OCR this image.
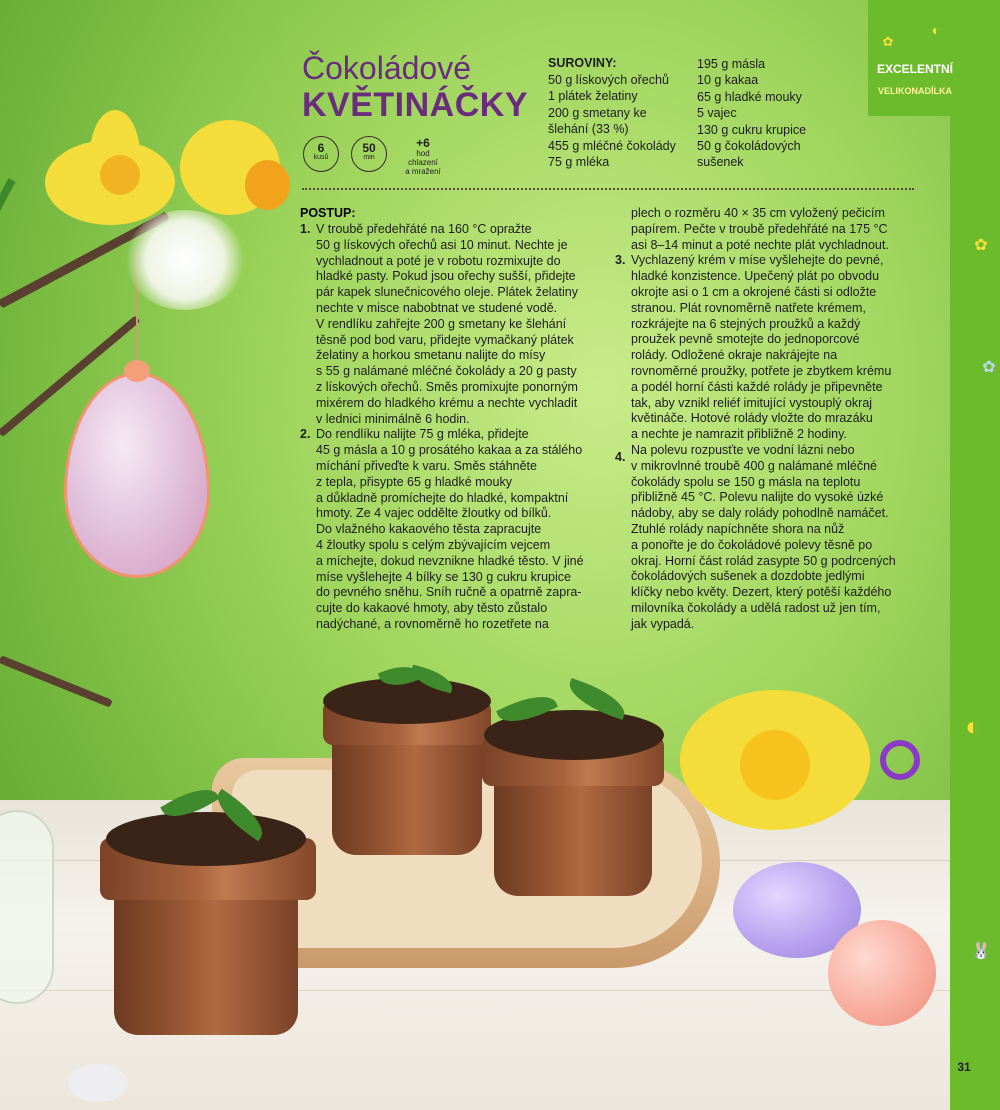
EXCELENTNÍ
VELIKONADÍLKA
✿
◐
✿
✿
◐
🐰
31
Čokoládové
KVĚTINÁČKY
6
kusů
50
min
+6
hod
chlazení
a mražení
SUROVINY:
50 g lískových ořechů
1 plátek želatiny
200 g smetany ke
šlehání (33 %)
455 g mléčné čokolády
75 g mléka
195 g másla
10 g kakaa
65 g hladké mouky
5 vajec
130 g cukru krupice
50 g čokoládových
sušenek
POSTUP:
1.
2.
3.
4.
V troubě předehřáté na 160 °C opražte
50 g lískových ořechů asi 10 minut. Nechte je
vychladnout a poté je v robotu rozmixujte do
hladké pasty. Pokud jsou ořechy sušší, přidejte
pár kapek slunečnicového oleje. Plátek želatiny
nechte v misce nabobtnat ve studené vodě.
V rendlíku zahřejte 200 g smetany ke šlehání
těsně pod bod varu, přidejte vymačkaný plátek
želatiny a horkou smetanu nalijte do mísy
s 55 g nalámané mléčné čokolády a 20 g pasty
z lískových ořechů. Směs promixujte ponorným
mixérem do hladkého krému a nechte vychladit
v lednici minimálně 6 hodin.
Do rendlíku nalijte 75 g mléka, přidejte
45 g másla a 10 g prosátého kakaa a za stálého
míchání přiveďte k varu. Směs stáhněte
z tepla, přisypte 65 g hladké mouky
a důkladně promíchejte do hladké, kompaktní
hmoty. Ze 4 vajec oddělte žloutky od bílků.
Do vlažného kakaového těsta zapracujte
4 žloutky spolu s celým zbývajícím vejcem
a míchejte, dokud nevznikne hladké těsto. V jiné
míse vyšlehejte 4 bílky se 130 g cukru krupice
do pevného sněhu. Sníh ručně a opatrně zapra-
cujte do kakaové hmoty, aby těsto zůstalo
nadýchané, a rovnoměrně ho rozetřete na
plech o rozměru 40 × 35 cm vyložený pečicím
papírem. Pečte v troubě předehřáté na 175 °C
asi 8–14 minut a poté nechte plát vychladnout.
Vychlazený krém v míse vyšlehejte do pevné,
hladké konzistence. Upečený plát po obvodu
okrojte asi o 1 cm a okrojené části si odložte
stranou. Plát rovnoměrně natřete krémem,
rozkrájejte na 6 stejných proužků a každý
proužek pevně smotejte do jednoporcové
rolády. Odložené okraje nakrájejte na
rovnoměrné proužky, potřete je zbytkem krému
a podél horní části každé rolády je připevněte
tak, aby vznikl reliéf imitující vystouplý okraj
květináče. Hotové rolády vložte do mrazáku
a nechte je namrazit přibližně 2 hodiny.
Na polevu rozpusťte ve vodní lázni nebo
v mikrovlnné troubě 400 g nalámané mléčné
čokolády spolu se 150 g másla na teplotu
přibližně 45 °C. Polevu nalijte do vysoké úzké
nádoby, aby se daly rolády pohodlně namáčet.
Ztuhlé rolády napíchněte shora na nůž
a ponořte je do čokoládové polevy těsně po
okraj. Horní část rolád zasypte 50 g podrcených
čokoládových sušenek a dozdobte jedlými
klíčky nebo květy. Dezert, který potěší každého
milovníka čokolády a udělá radost už jen tím,
jak vypadá.
